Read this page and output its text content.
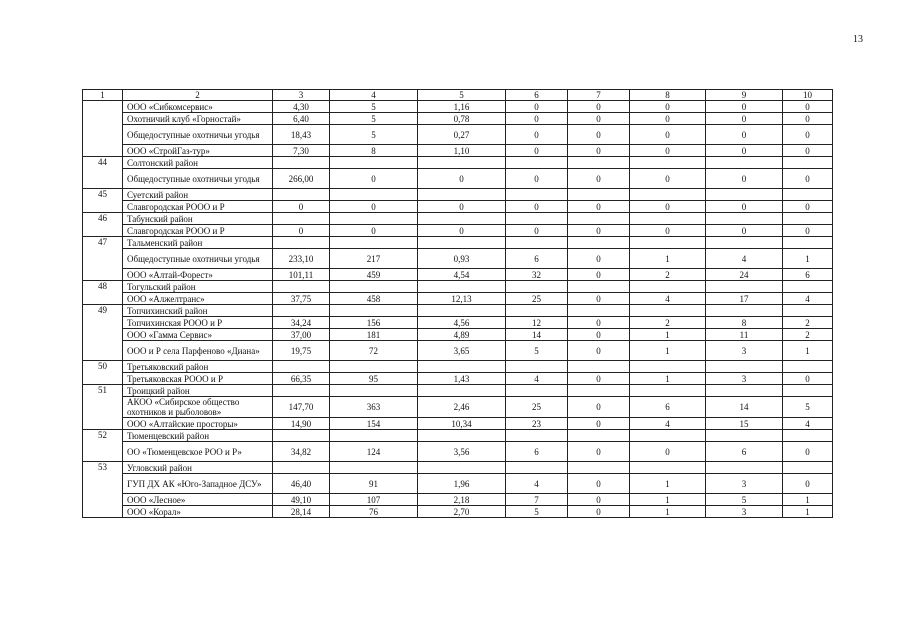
13
1	2	3	4	5	6	7	8	9	10
	ООО «Сибкомсервис»	4,30	5	1,16	0	0	0	0	0
	Охотничий клуб «Горностай»	6,40	5	0,78	0	0	0	0	0
	Общедоступные охотничьи угодья	18,43	5	0,27	0	0	0	0	0
	ООО «СтройГаз-тур»	7,30	8	1,10	0	0	0	0	0
44	Солтонский район								
	Общедоступные охотничьи угодья	266,00	0	0	0	0	0	0	0
45	Суетский район								
	Славгородская РООО и Р	0	0	0	0	0	0	0	0
46	Табунский район								
	Славгородская РООО и Р	0	0	0	0	0	0	0	0
47	Тальменский район								
	Общедоступные охотничьи угодья	233,10	217	0,93	6	0	1	4	1
	ООО «Алтай-Форест»	101,11	459	4,54	32	0	2	24	6
48	Тогульский район								
	ООО «Алжелтранс»	37,75	458	12,13	25	0	4	17	4
49	Топчихинский район								
	Топчихинская РООО и Р	34,24	156	4,56	12	0	2	8	2
	ООО «Гамма Сервис»	37,00	181	4,89	14	0	1	11	2
	ООО и Р села Парфеново «Диана»	19,75	72	3,65	5	0	1	3	1
50	Третьяковский район								
	Третьяковская РООО и Р	66,35	95	1,43	4	0	1	3	0
51	Троицкий район								
	АКОО «Сибирское общество охотников и рыболовов»	147,70	363	2,46	25	0	6	14	5
	ООО «Алтайские просторы»	14,90	154	10,34	23	0	4	15	4
52	Тюменцевский район								
	ОО «Тюменцевское РОО и Р»	34,82	124	3,56	6	0	0	6	0
53	Угловский район								
	ГУП ДХ АК «Юго-Западное ДСУ»	46,40	91	1,96	4	0	1	3	0
	ООО «Лесное»	49,10	107	2,18	7	0	1	5	1
	ООО «Корал»	28,14	76	2,70	5	0	1	3	1
